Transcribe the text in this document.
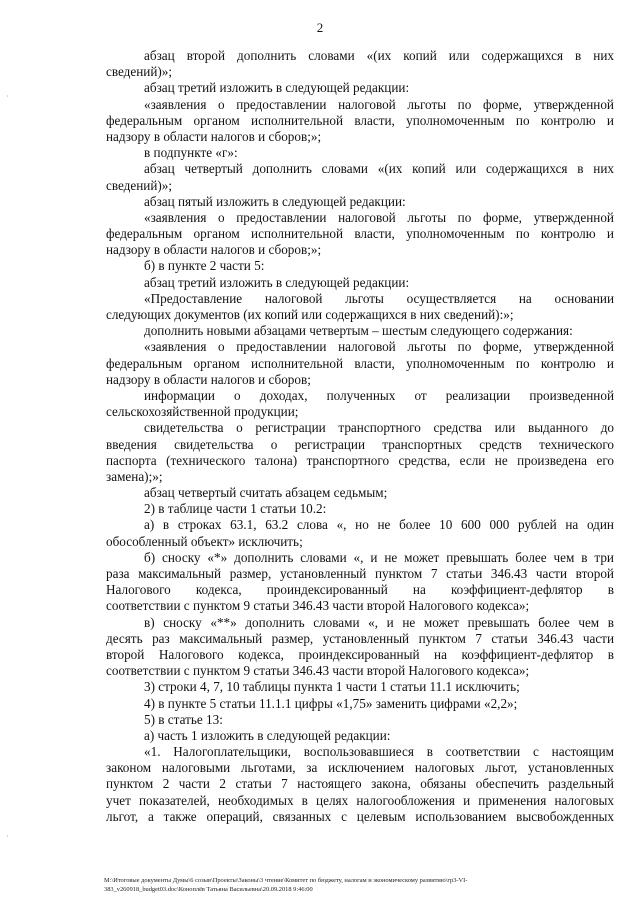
2
·
·
абзац второй дополнить словами «(их копий или содержащихся в них
сведений)»;
абзац третий изложить в следующей редакции:
«заявления о предоставлении налоговой льготы по форме, утвержденной
федеральным органом исполнительной власти, уполномоченным по контролю и
надзору в области налогов и сборов;»;
в подпункте «г»:
абзац четвертый дополнить словами «(их копий или содержащихся в них
сведений)»;
абзац пятый изложить в следующей редакции:
«заявления о предоставлении налоговой льготы по форме, утвержденной
федеральным органом исполнительной власти, уполномоченным по контролю и
надзору в области налогов и сборов;»;
б) в пункте 2 части 5:
абзац третий изложить в следующей редакции:
«Предоставление налоговой льготы осуществляется на основании
следующих документов (их копий или содержащихся в них сведений):»;
дополнить новыми абзацами четвертым – шестым следующего содержания:
«заявления о предоставлении налоговой льготы по форме, утвержденной
федеральным органом исполнительной власти, уполномоченным по контролю и
надзору в области налогов и сборов;
информации о доходах, полученных от реализации произведенной
сельскохозяйственной продукции;
свидетельства о регистрации транспортного средства или выданного до
введения свидетельства о регистрации транспортных средств технического
паспорта (технического талона) транспортного средства, если не произведена его
замена);»;
абзац четвертый считать абзацем седьмым;
2) в таблице части 1 статьи 10.2:
а) в строках 63.1, 63.2 слова «, но не более 10 600 000 рублей на один
обособленный объект» исключить;
б) сноску «*» дополнить словами «, и не может превышать более чем в три
раза максимальный размер, установленный пунктом 7 статьи 346.43 части второй
Налогового кодекса, проиндексированный на коэффициент-дефлятор в
соответствии с пунктом 9 статьи 346.43 части второй Налогового кодекса»;
в) сноску «**» дополнить словами «, и не может превышать более чем в
десять раз максимальный размер, установленный пунктом 7 статьи 346.43 части
второй Налогового кодекса, проиндексированный на коэффициент-дефлятор в
соответствии с пунктом 9 статьи 346.43 части второй Налогового кодекса»;
3) строки 4, 7, 10 таблицы пункта 1 части 1 статьи 11.1 исключить;
4) в пункте 5 статьи 11.1.1 цифры «1,75» заменить цифрами «2,2»;
5) в статье 13:
а) часть 1 изложить в следующей редакции:
«1. Налогоплательщики, воспользовавшиеся в соответствии с настоящим
законом налоговыми льготами, за исключением налоговых льгот, установленных
пунктом 2 части 2 статьи 7 настоящего закона, обязаны обеспечить раздельный
учет показателей, необходимых в целях налогообложения и применения налоговых
льгот, а также операций, связанных с целевым использованием высвобожденных
M:\Итоговые документы Думы\6 созыв\Проекты\Законы\3 чтение\Комитет по бюджету, налогам и экономическому развитию\гр3-VI-
383_v260918_budget03.doc\Коноплёв Татьяна Васильевна\20.09.2018 9:46:00
